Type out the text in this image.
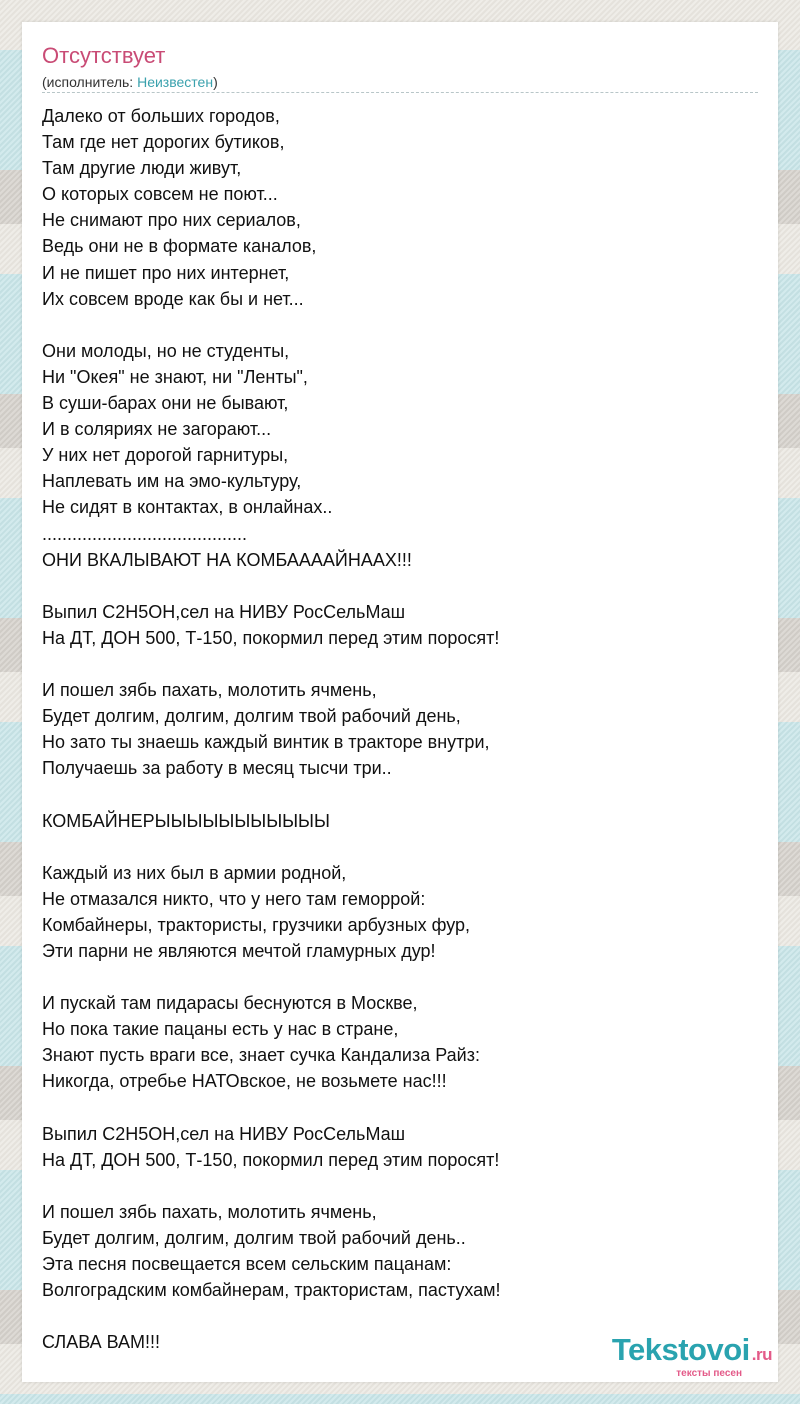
Отсутствует
(исполнитель: Неизвестен)
Далеко от больших городов,
Там где нет дорогих бутиков,
Там другие люди живут,
О которых совсем не поют...
Не снимают про них сериалов,
Ведь они не в формате каналов,
И не пишет про них интернет,
Их совсем вроде как бы и нет...
Они молоды, но не студенты,
Ни "Окея" не знают, ни "Ленты",
В суши-барах они не бывают,
И в соляриях не загорают...
У них нет дорогой гарнитуры,
Наплевать им на эмо-культуру,
Не сидят в контактах, в онлайнах..
.........................................
ОНИ ВКАЛЫВАЮТ НА КОМБААААЙНААХ!!!
Выпил С2Н5ОН,сел на НИВУ РосСельМаш
На ДТ, ДОН 500, Т-150, покормил перед этим поросят!
И пошел зябь пахать, молотить ячмень,
Будет долгим, долгим, долгим твой рабочий день,
Но зато ты знаешь каждый винтик в тракторе внутри,
Получаешь за работу в месяц тысчи три..
КОМБАЙНЕРЫЫЫЫЫЫЫЫЫЫЫ
Каждый из них был в армии родной,
Не отмазался никто, что у него там геморрой:
Комбайнеры, трактористы, грузчики арбузных фур,
Эти парни не являются мечтой гламурных дур!
И пускай там пидарасы беснуются в Москве,
Но пока такие пацаны есть у нас в стране,
Знают пусть враги все, знает сучка Кандализа Райз:
Никогда, отребье НАТОвское, не возьмете нас!!!
Выпил С2Н5ОН,сел на НИВУ РосСельМаш
На ДТ, ДОН 500, Т-150, покормил перед этим поросят!
И пошел зябь пахать, молотить ячмень,
Будет долгим, долгим, долгим твой рабочий день..
Эта песня посвещается всем сельским пацанам:
Волгоградским комбайнерам, трактористам, пастухам!
СЛАВА ВАМ!!!	Tekstovoi .ru
тексты песен
